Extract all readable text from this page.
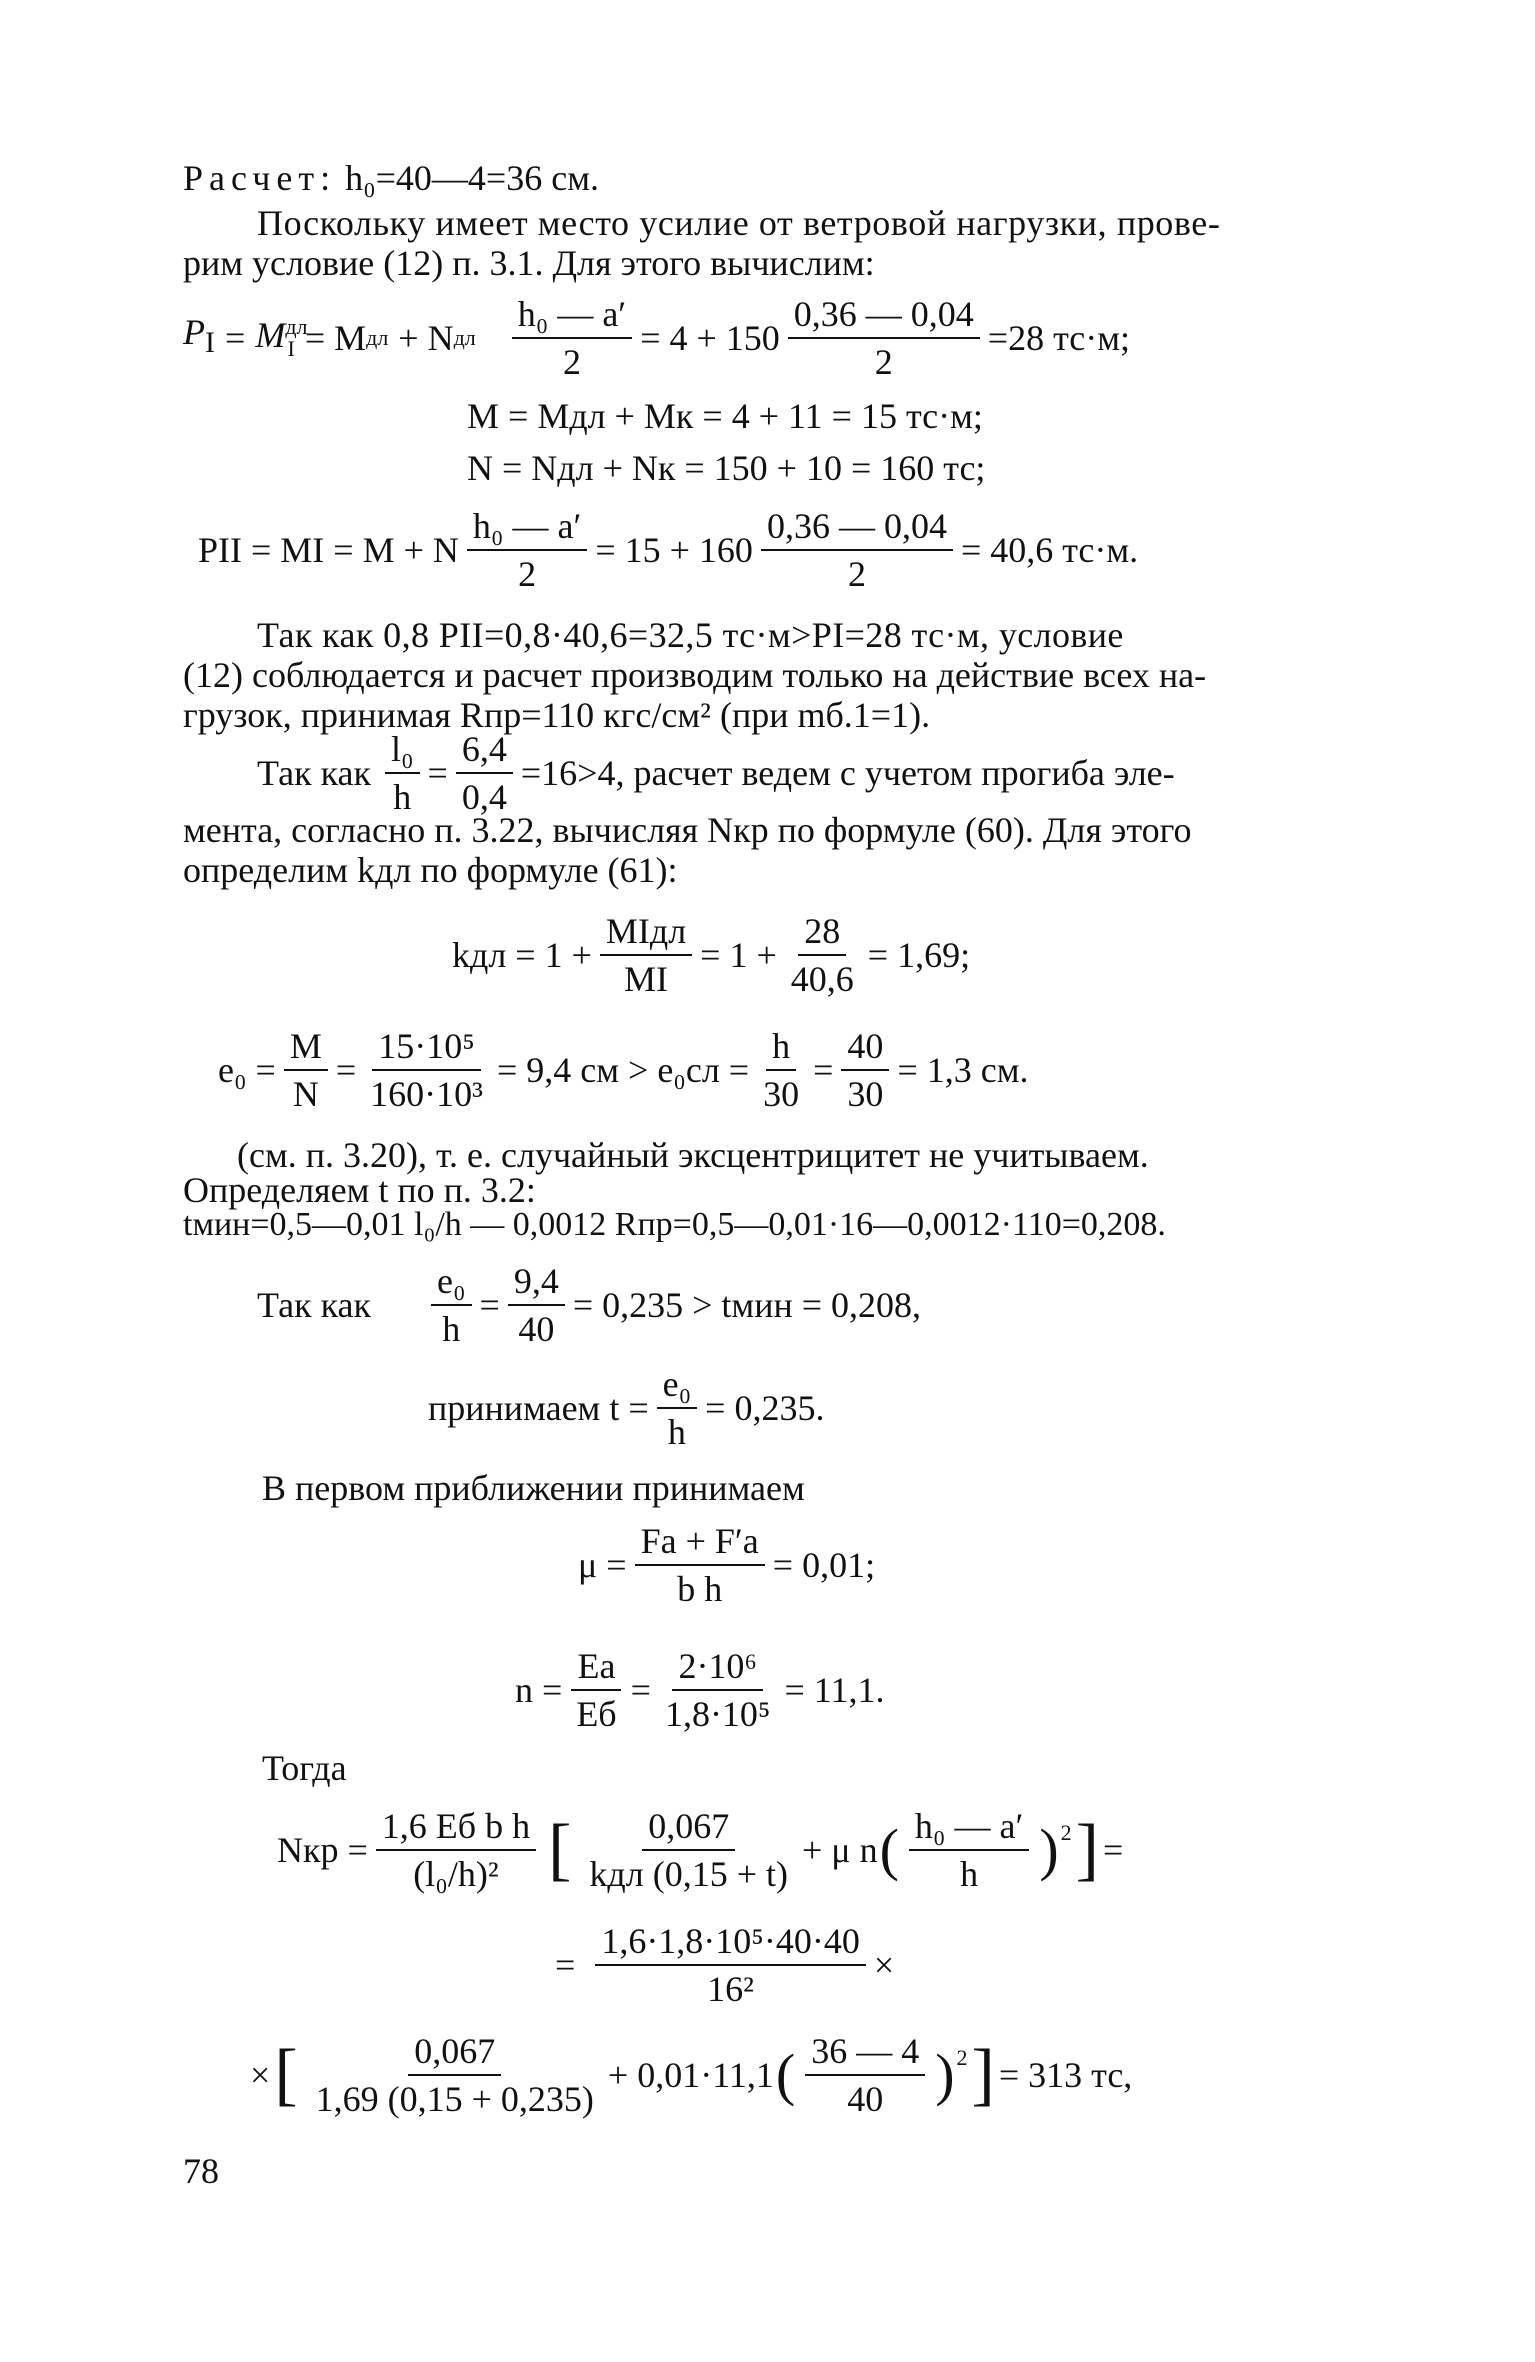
Расчет: h₀=40—4=36 см.
Поскольку имеет место усилие от ветровой нагрузки, прове-
рим условие (12) п. 3.1. Для этого вычислим:
$P_I = M^{дл}_I = M$ дл + N дл $\frac{\text{h₀ — a′}}{2} = 4 + 150 \frac{0,36 — 0,04}{2} =28$ тс·м;
M = Mдл + Mк = 4 + 11 = 15 тс·м;
N = Nдл + Nк = 150 + 10 = 160 тс;
PII = MI = M + N $\frac{\text{h₀ — a′}}{2} = 15 + 160 \frac{0,36 — 0,04}{2} = 40,6$ тс·м.
Так как 0,8 PII=0,8·40,6=32,5 тс·м>PI=28 тс·м, условие
(12) соблюдается и расчет производим только на действие всех на-
грузок, принимая Rпр=110 кгс/см² (при mб.1=1).
Так как $\frac{\text{l₀}}{h} = \frac{6,4}{0,4} =16>4$, расчет ведем с учетом прогиба эле-
мента, согласно п. 3.22, вычисляя Nкр по формуле (60). Для этого
определим kдл по формуле (61):
kдл = $1 + \frac{\text{MIдл}}{MI} = 1 + \frac{28}{40,6} = 1,69$;
$e_0 = \frac{M}{N} = \frac{\text{15·10⁵}}{\text{160·10³}} = 9,4$ см > $e_0сл = \frac{h}{30} = \frac{40}{30} = 1,3$ см.
(см. п. 3.20), т. е. случайный эксцентрицитет не учитываем.
Определяем t по п. 3.2:
tмин=0,5—0,01 l₀/h — 0,0012 Rпр=0,5—0,01·16—0,0012·110=0,208.
Так как $\frac{\text{e₀}}{h} = \frac{9,4}{40} = 0,235$ > tмин = 0,208,
принимаем $t = \frac{\text{e₀}}{h} = 0,235$.
В первом приближении принимаем
$\mu = \frac{Fa + F'a}{\text{b h}} = 0,01$;
$n = \frac{Ea}{Eб} = \frac{\text{2·10⁶}}{\text{1,8·10⁵}} = 11,1$.
Тогда
Nкр = $\frac{\text{1,6 Eб b h}}{\text{(l₀/h)²}}$ [ $\frac{0,067}{\text{kдл (0,15 + t)}} + \mu$ n ( $\frac{\text{h₀ — a′}}{h} )^2$ ] =
= $\frac{\text{1,6·1,8·10⁵·40·40}}{\text{16²}}$ ×
× [ $\frac{0,067}{1,69 (0,15 + 0,235)} + 0,01\cdot 11,1$ ( $\frac{36 — 4}{40} )^2$ ] = 313 тс,
78
